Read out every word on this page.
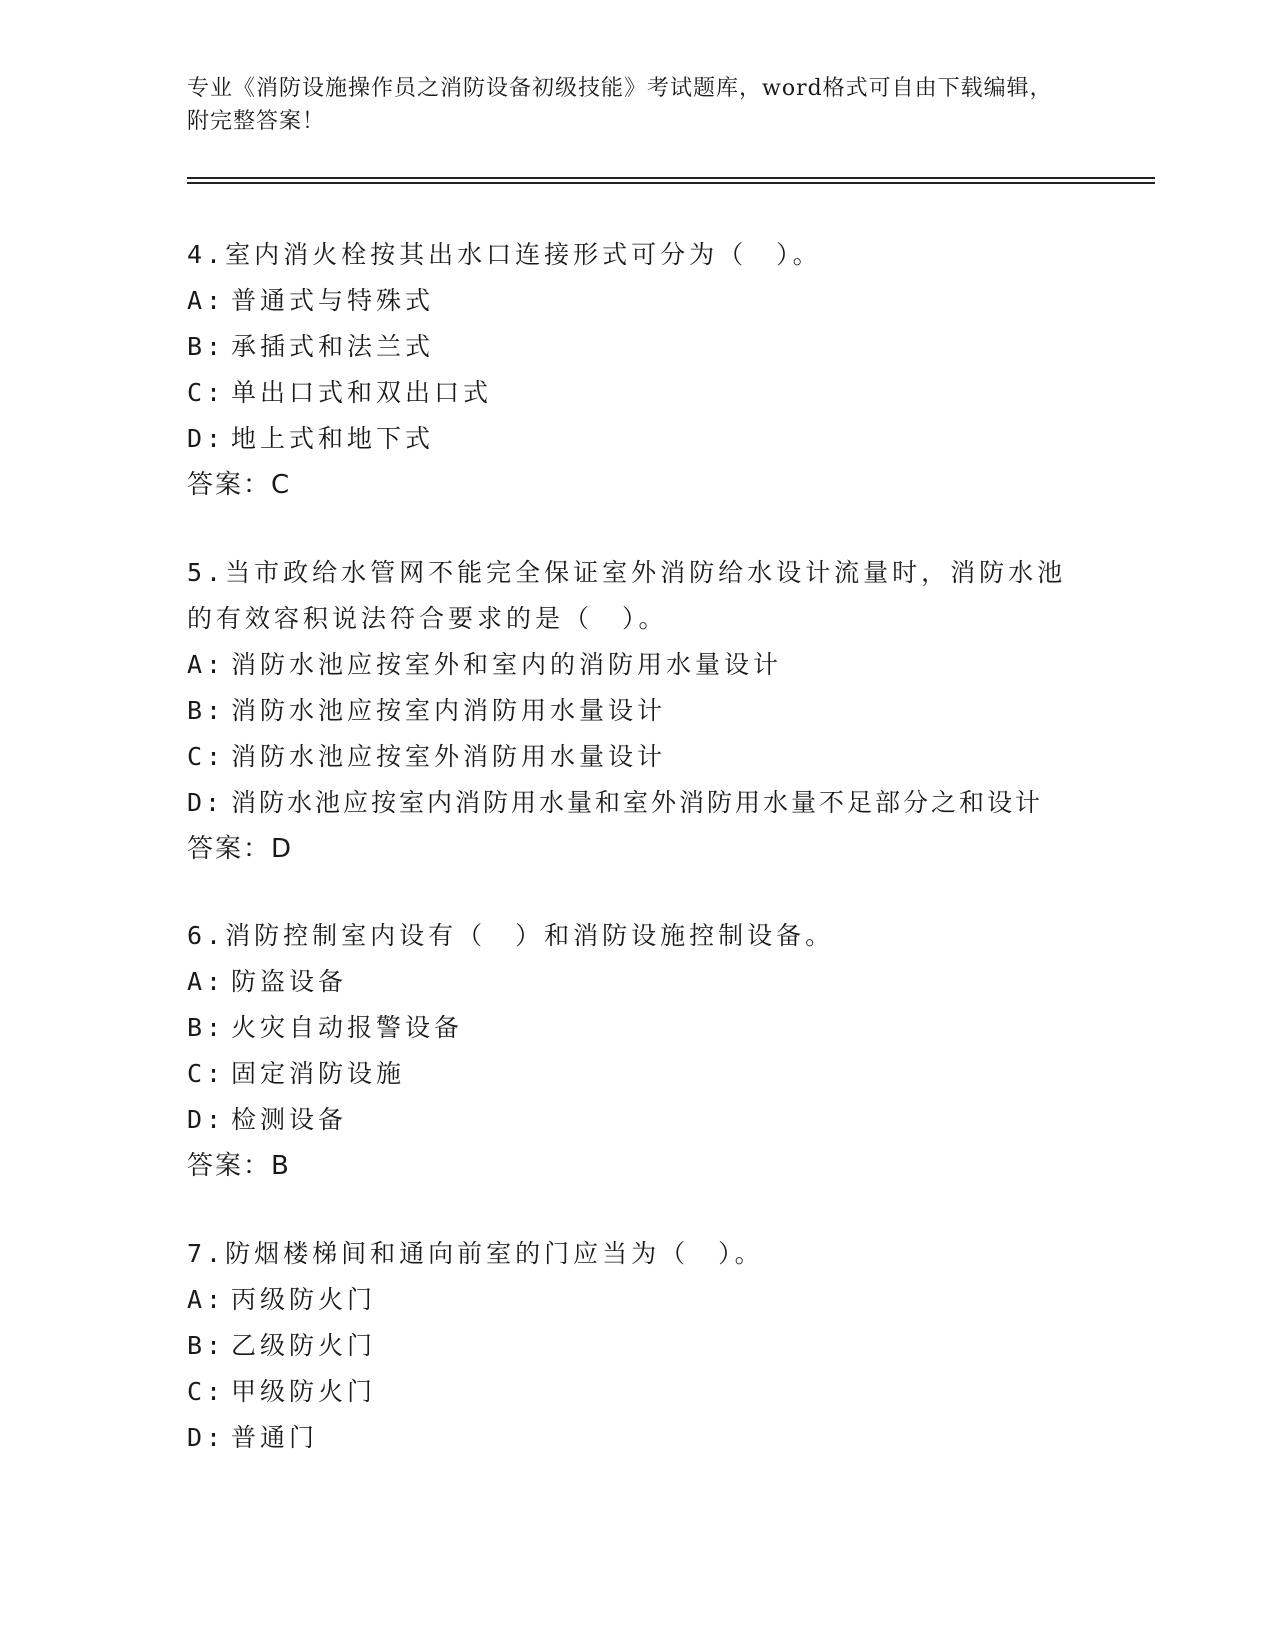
专业《消防设施操作员之消防设备初级技能》考试题库，word格式可自由下载编辑，附完整答案！
4.室内消火栓按其出水口连接形式可分为（　）。
A: 普通式与特殊式
B: 承插式和法兰式
C: 单出口式和双出口式
D: 地上式和地下式
答案：C
5.当市政给水管网不能完全保证室外消防给水设计流量时，消防水池的有效容积说法符合要求的是（　）。
A: 消防水池应按室外和室内的消防用水量设计
B: 消防水池应按室内消防用水量设计
C: 消防水池应按室外消防用水量设计
D: 消防水池应按室内消防用水量和室外消防用水量不足部分之和设计
答案：D
6.消防控制室内设有（　）和消防设施控制设备。
A: 防盗设备
B: 火灾自动报警设备
C: 固定消防设施
D: 检测设备
答案：B
7.防烟楼梯间和通向前室的门应当为（　）。
A: 丙级防火门
B: 乙级防火门
C: 甲级防火门
D: 普通门
